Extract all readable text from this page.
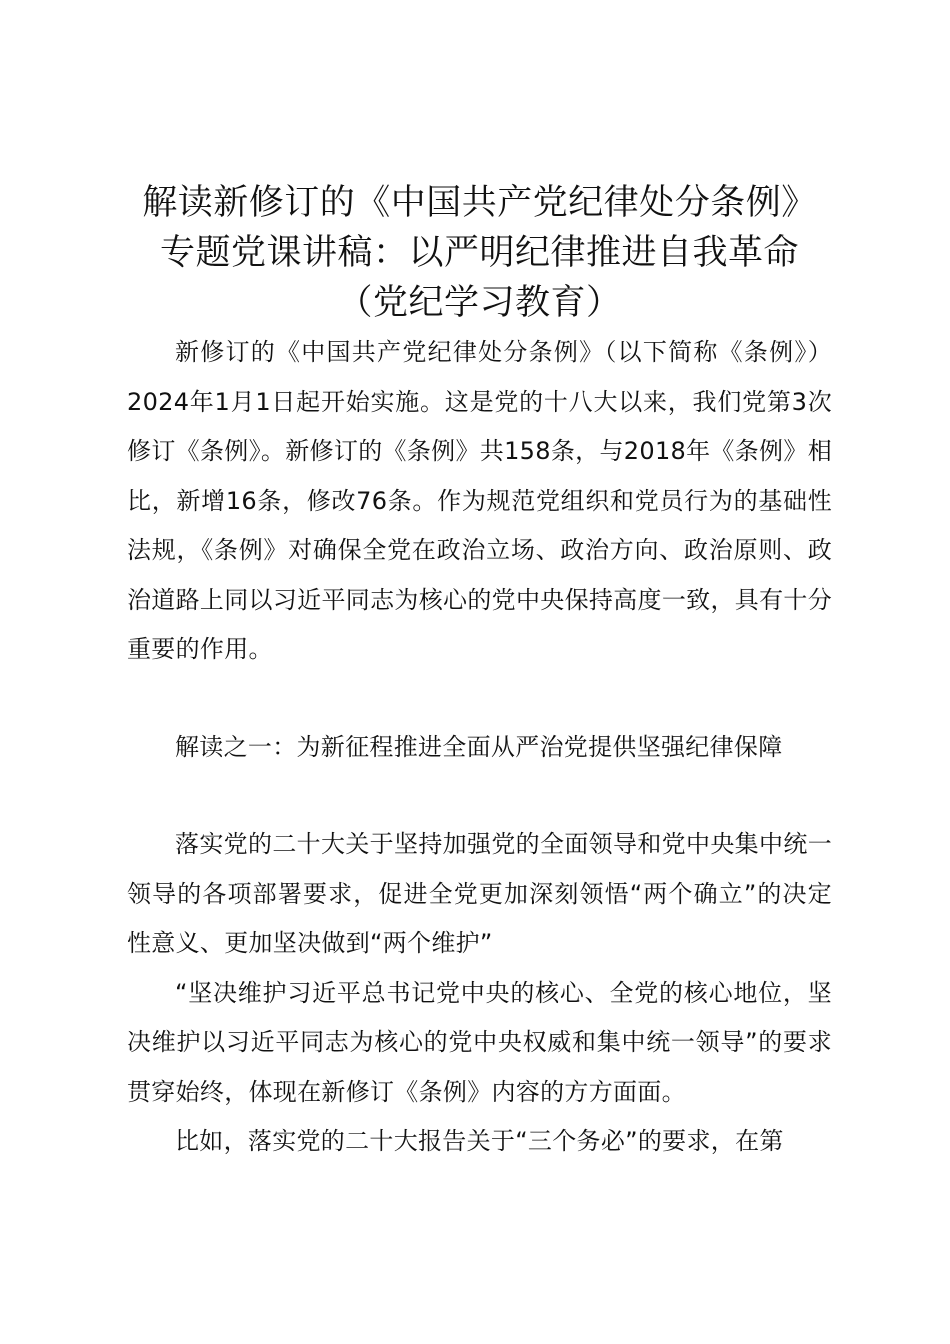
解读新修订的《中国共产党纪律处分条例》专题党课讲稿：以严明纪律推进自我革命（党纪学习教育）

新修订的《中国共产党纪律处分条例》（以下简称《条例》）2024年1月1日起开始实施。这是党的十八大以来，我们党第3次修订《条例》。新修订的《条例》共158条，与2018年《条例》相比，新增16条，修改76条。作为规范党组织和党员行为的基础性法规，《条例》对确保全党在政治立场、政治方向、政治原则、政治道路上同以习近平同志为核心的党中央保持高度一致，具有十分重要的作用。

解读之一：为新征程推进全面从严治党提供坚强纪律保障

落实党的二十大关于坚持加强党的全面领导和党中央集中统一领导的各项部署要求，促进全党更加深刻领悟“两个确立”的决定性意义、更加坚决做到“两个维护”

“坚决维护习近平总书记党中央的核心、全党的核心地位，坚决维护以习近平同志为核心的党中央权威和集中统一领导”的要求贯穿始终，体现在新修订《条例》内容的方方面面。

比如，落实党的二十大报告关于“三个务必”的要求，在第
